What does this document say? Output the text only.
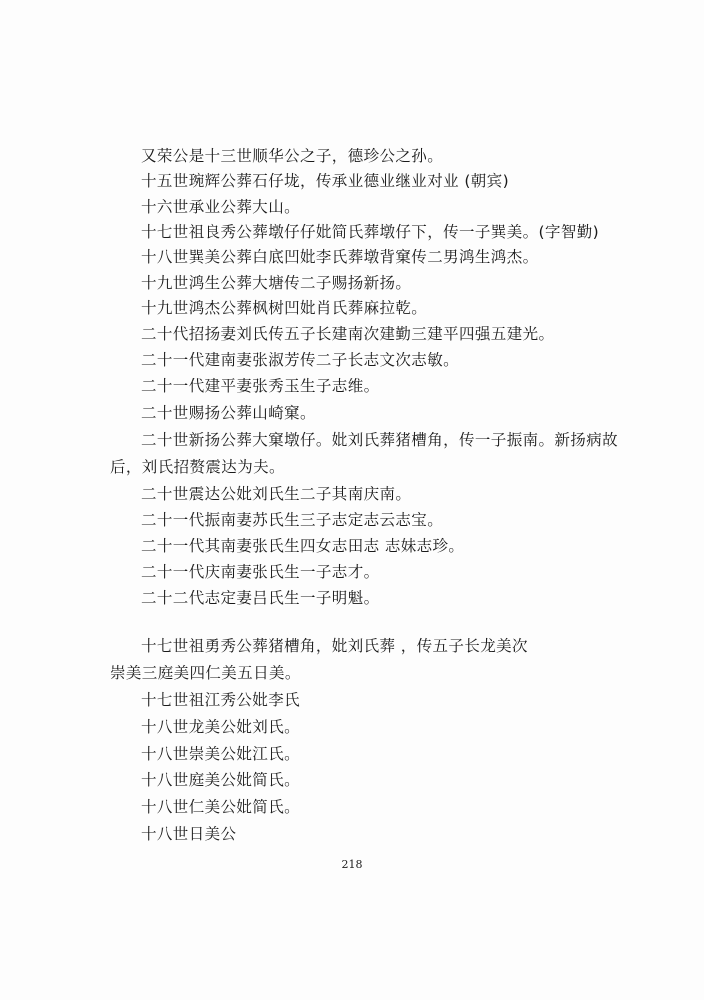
又荣公是十三世顺华公之子，德珍公之孙。
十五世琬辉公葬石仔垅，传承业德业继业对业 (朝宾)
十六世承业公葬大山。
十七世祖良秀公葬墩仔仔妣简氏葬墩仔下，传一子巽美。(字智勤)
十八世巽美公葬白底凹妣李氏葬墩背窠传二男鸿生鸿杰。
十九世鸿生公葬大塘传二子赐扬新扬。
十九世鸿杰公葬枫树凹妣肖氏葬麻拉乾。
二十代招扬妻刘氏传五子长建南次建勤三建平四强五建光。
二十一代建南妻张淑芳传二子长志文次志敏。
二十一代建平妻张秀玉生子志维。
二十世赐扬公葬山崎窠。
二十世新扬公葬大窠墩仔。妣刘氏葬猪槽角，传一子振南。新扬病故
后，刘氏招赘震达为夫。
二十世震达公妣刘氏生二子其南庆南。
二十一代振南妻苏氏生三子志定志云志宝。
二十一代其南妻张氏生四女志田志 志妹志珍。
二十一代庆南妻张氏生一子志才。
二十二代志定妻吕氏生一子明魁。
十七世祖勇秀公葬猪槽角，妣刘氏葬 ，传五子长龙美次
崇美三庭美四仁美五日美。
十七世祖江秀公妣李氏
十八世龙美公妣刘氏。
十八世崇美公妣江氏。
十八世庭美公妣简氏。
十八世仁美公妣简氏。
十八世日美公
218
